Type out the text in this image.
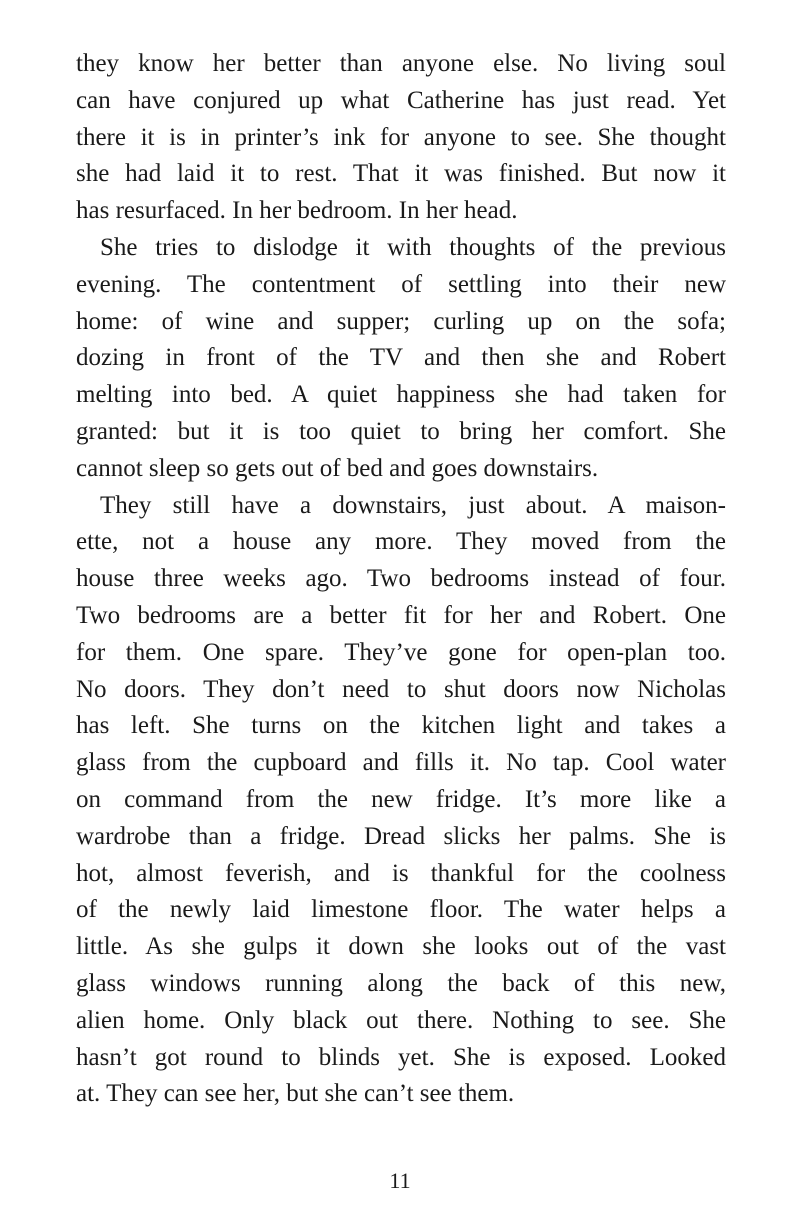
they know her better than anyone else. No living soul
can have conjured up what Catherine has just read. Yet
there it is in printer’s ink for anyone to see. She thought
she had laid it to rest. That it was finished. But now it
has resurfaced. In her bedroom. In her head.

She tries to dislodge it with thoughts of the previous
evening. The contentment of settling into their new
home: of wine and supper; curling up on the sofa;
dozing in front of the TV and then she and Robert
melting into bed. A quiet happiness she had taken for
granted: but it is too quiet to bring her comfort. She
cannot sleep so gets out of bed and goes downstairs.

They still have a downstairs, just about. A maison-
ette, not a house any more. They moved from the
house three weeks ago. Two bedrooms instead of four.
Two bedrooms are a better fit for her and Robert. One
for them. One spare. They’ve gone for open-plan too.
No doors. They don’t need to shut doors now Nicholas
has left. She turns on the kitchen light and takes a
glass from the cupboard and fills it. No tap. Cool water
on command from the new fridge. It’s more like a
wardrobe than a fridge. Dread slicks her palms. She is
hot, almost feverish, and is thankful for the coolness
of the newly laid limestone floor. The water helps a
little. As she gulps it down she looks out of the vast
glass windows running along the back of this new,
alien home. Only black out there. Nothing to see. She
hasn’t got round to blinds yet. She is exposed. Looked
at. They can see her, but she can’t see them.

11
